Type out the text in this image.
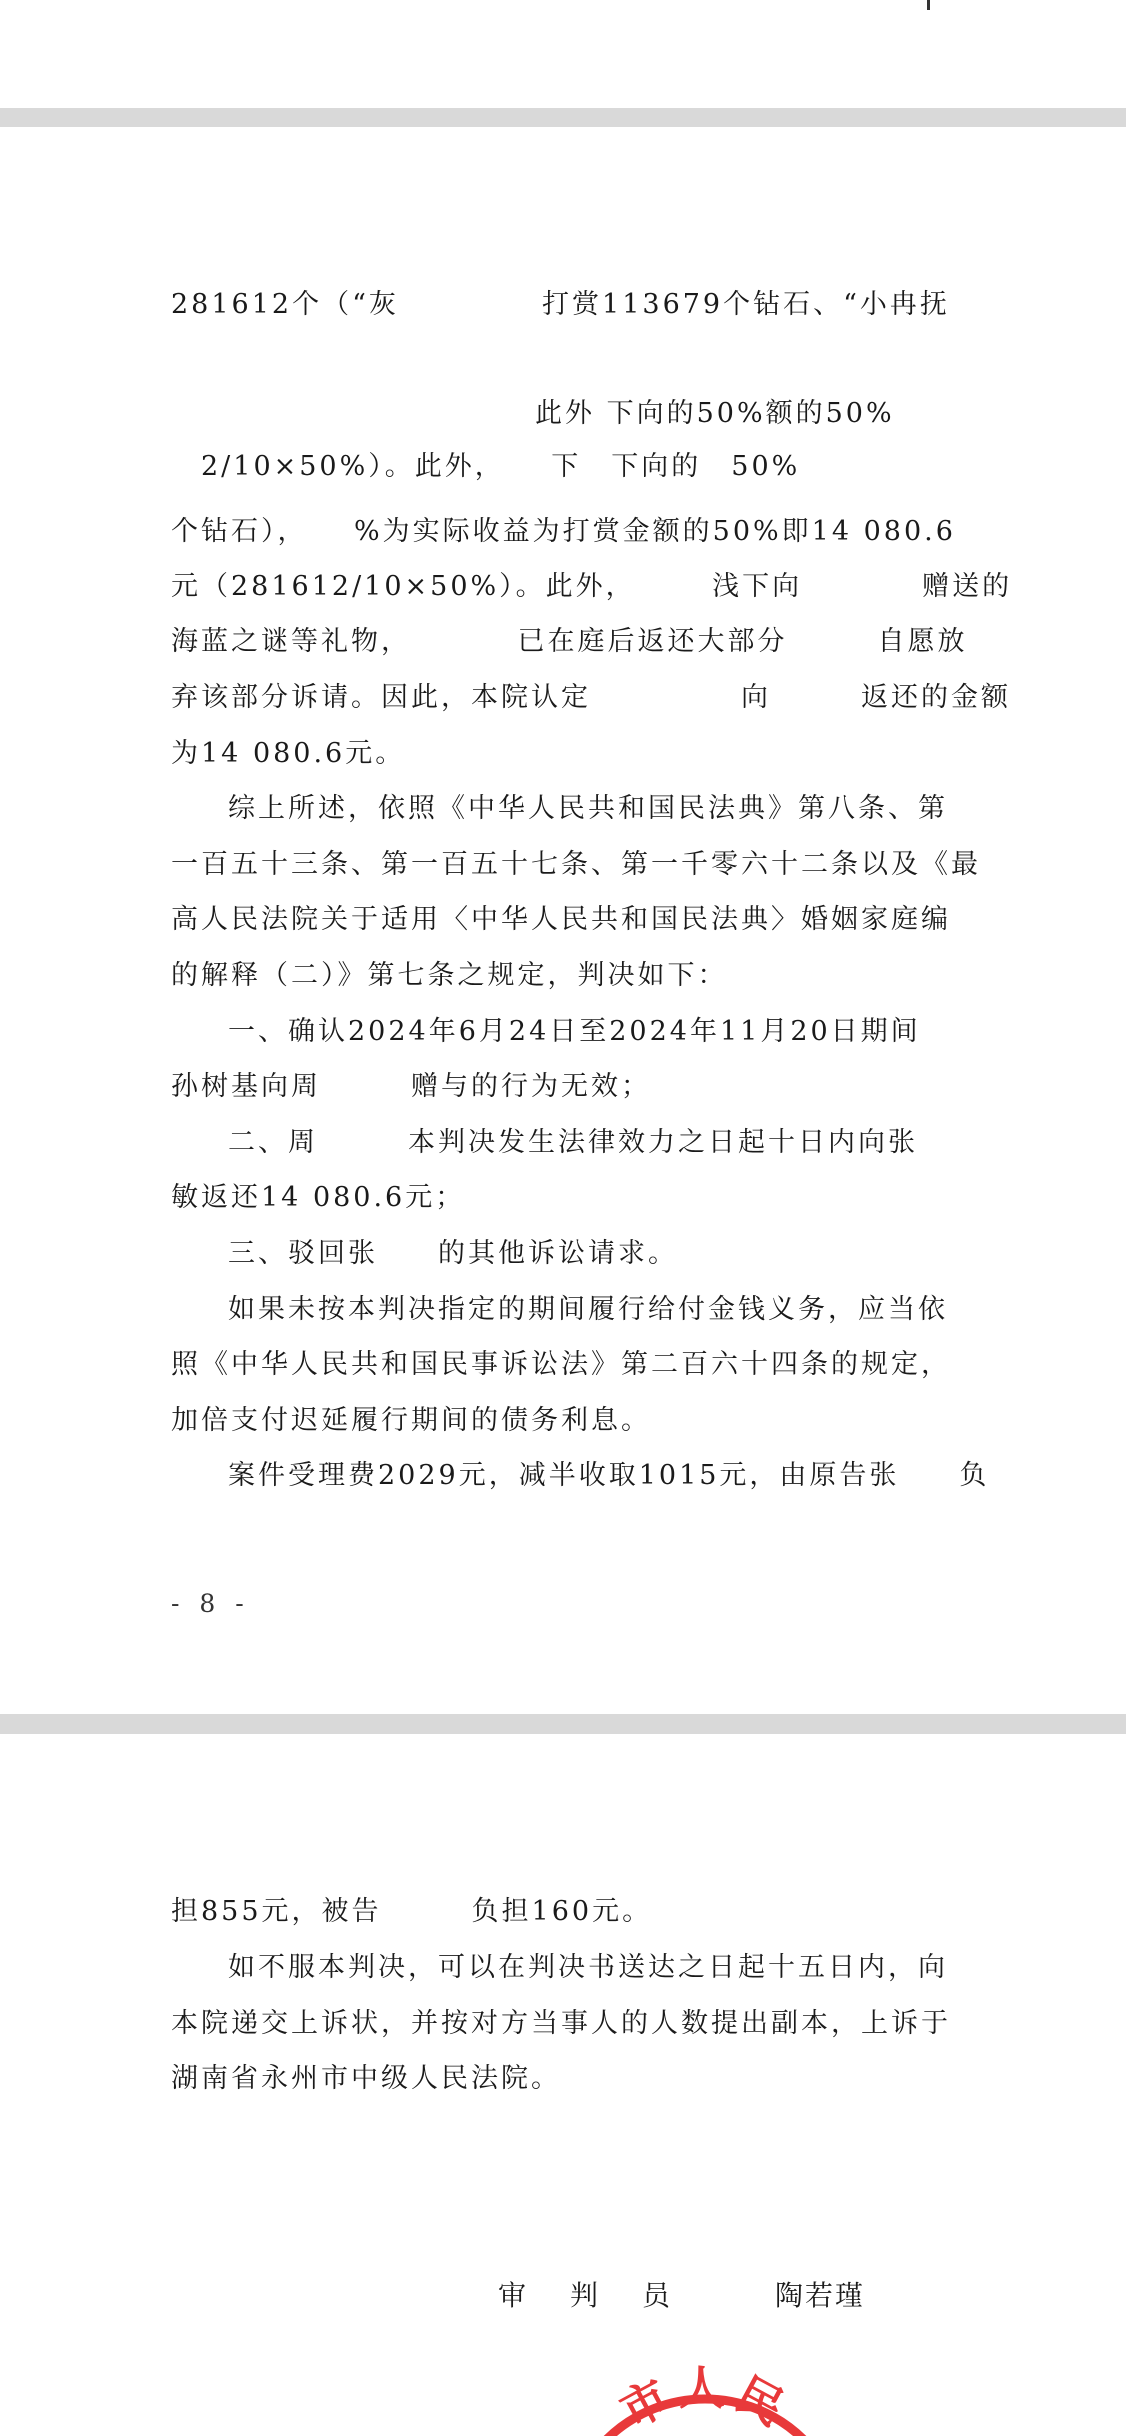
281612个（“灰 　　　　 打赏113679个钻石、“小冉抚
此外 下向的50%额的50%
2/10×50%）。此外，　　下　下向的　50%
个钻石），　　%为实际收益为打赏金额的50%即14 080.6
元（281612/10×50%）。此外，　　　浅下向　　　　赠送的
海蓝之谜等礼物，　　　　已在庭后返还大部分　　　自愿放
弃该部分诉请。因此，本院认定　　　　　向　　　返还的金额
为14 080.6元。
综上所述，依照《中华人民共和国民法典》第八条、第
一百五十三条、第一百五十七条、第一千零六十二条以及《最
高人民法院关于适用〈中华人民共和国民法典〉婚姻家庭编
的解释（二）》第七条之规定，判决如下：
一、确认2024年6月24日至2024年11月20日期间
孙树基向周　　　赠与的行为无效；
二、周　　　本判决发生法律效力之日起十日内向张
敏返还14 080.6元；
三、驳回张　　的其他诉讼请求。
如果未按本判决指定的期间履行给付金钱义务，应当依
照《中华人民共和国民事诉讼法》第二百六十四条的规定，
加倍支付迟延履行期间的债务利息。
案件受理费2029元，减半收取1015元，由原告张　　负
- 8 -
担855元，被告　　　负担160元。
如不服本判决，可以在判决书送达之日起十五日内，向
本院递交上诉状，并按对方当事人的人数提出副本，上诉于
湖南省永州市中级人民法院。
审 判 员	陶若瑾
市人民
